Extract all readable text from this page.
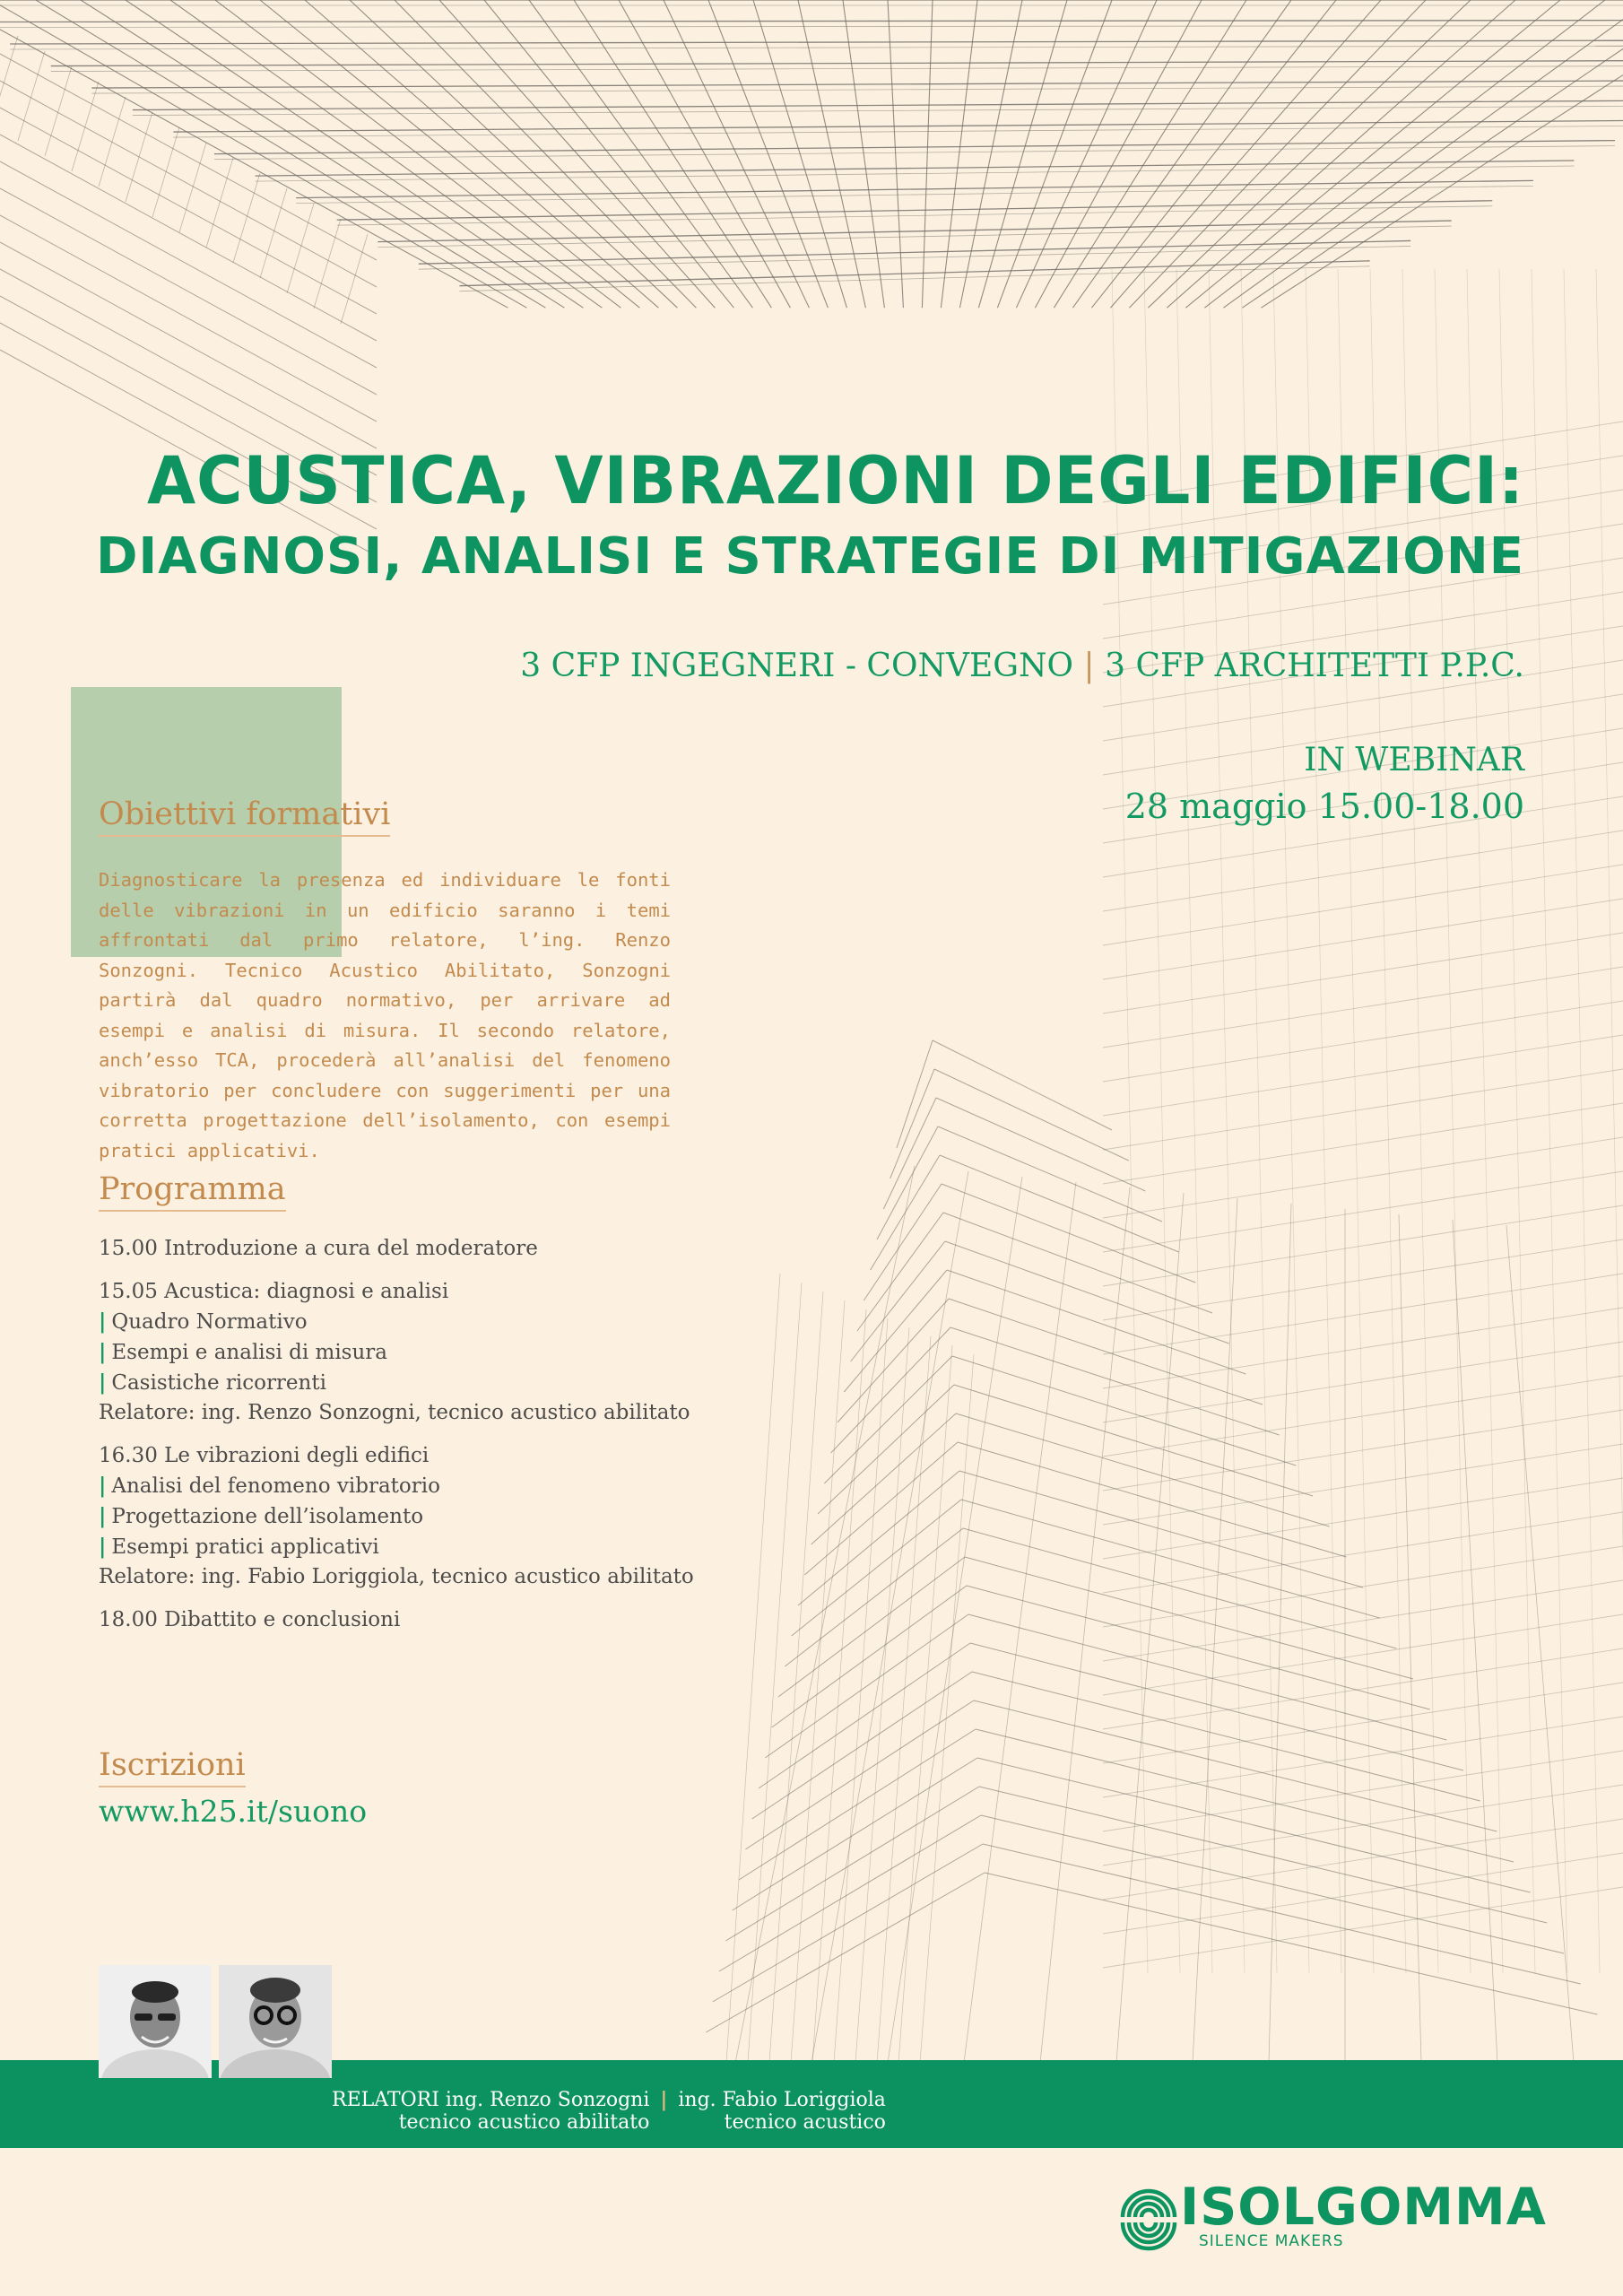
ACUSTICA, VIBRAZIONI DEGLI EDIFICI:
DIAGNOSI, ANALISI E STRATEGIE DI MITIGAZIONE
3 CFP INGEGNERI - CONVEGNO | 3 CFP ARCHITETTI P.P.C.
IN WEBINAR
28 maggio 15.00-18.00
Obiettivi formativi
Diagnosticare la presenza ed individuare le fonti delle vibrazioni in un edificio saranno i temi affrontati dal primo relatore, l’ing. Renzo Sonzogni. Tecnico Acustico Abilitato, Sonzogni partirà dal quadro normativo, per arrivare ad esempi e analisi di misura. Il secondo relatore, anch’esso TCA, procederà all’analisi del fenomeno vibratorio per concludere con suggerimenti per una corretta progettazione dell’isolamento, con esempi pratici applicativi.
Programma
15.00 Introduzione a cura del moderatore
15.05 Acustica: diagnosi e analisi
| Quadro Normativo
| Esempi e analisi di misura
| Casistiche ricorrenti
Relatore: ing. Renzo Sonzogni, tecnico acustico abilitato
16.30 Le vibrazioni degli edifici
| Analisi del fenomeno vibratorio
| Progettazione dell’isolamento
| Esempi pratici applicativi
Relatore: ing. Fabio Loriggiola, tecnico acustico abilitato
18.00 Dibattito e conclusioni
Iscrizioni
www.h25.it/suono
RELATORI ing. Renzo Sonzogni
tecnico acustico abilitato
| ing. Fabio Loriggiola
tecnico acustico
ISOLGOMMA
SILENCE MAKERS
